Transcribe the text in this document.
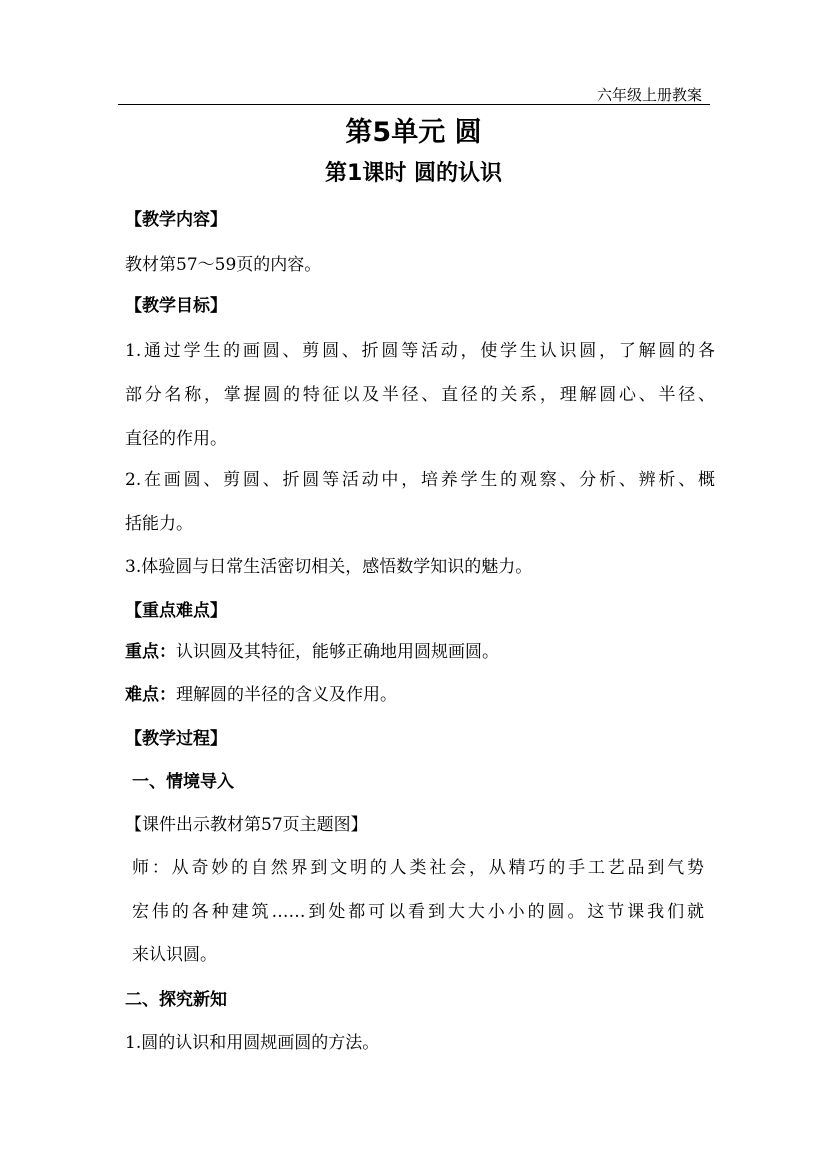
六年级上册教案
第5单元 圆
第1课时 圆的认识
【教学内容】
教材第57～59页的内容。
【教学目标】
1.通过学生的画圆、剪圆、折圆等活动，使学生认识圆，了解圆的各
部分名称，掌握圆的特征以及半径、直径的关系，理解圆心、半径、
直径的作用。
2.在画圆、剪圆、折圆等活动中，培养学生的观察、分析、辨析、概
括能力。
3.体验圆与日常生活密切相关，感悟数学知识的魅力。
【重点难点】
重点：认识圆及其特征，能够正确地用圆规画圆。
难点：理解圆的半径的含义及作用。
【教学过程】
一、情境导入
【课件出示教材第57页主题图】
师：从奇妙的自然界到文明的人类社会，从精巧的手工艺品到气势
宏伟的各种建筑……到处都可以看到大大小小的圆。这节课我们就
来认识圆。
二、探究新知
1.圆的认识和用圆规画圆的方法。
